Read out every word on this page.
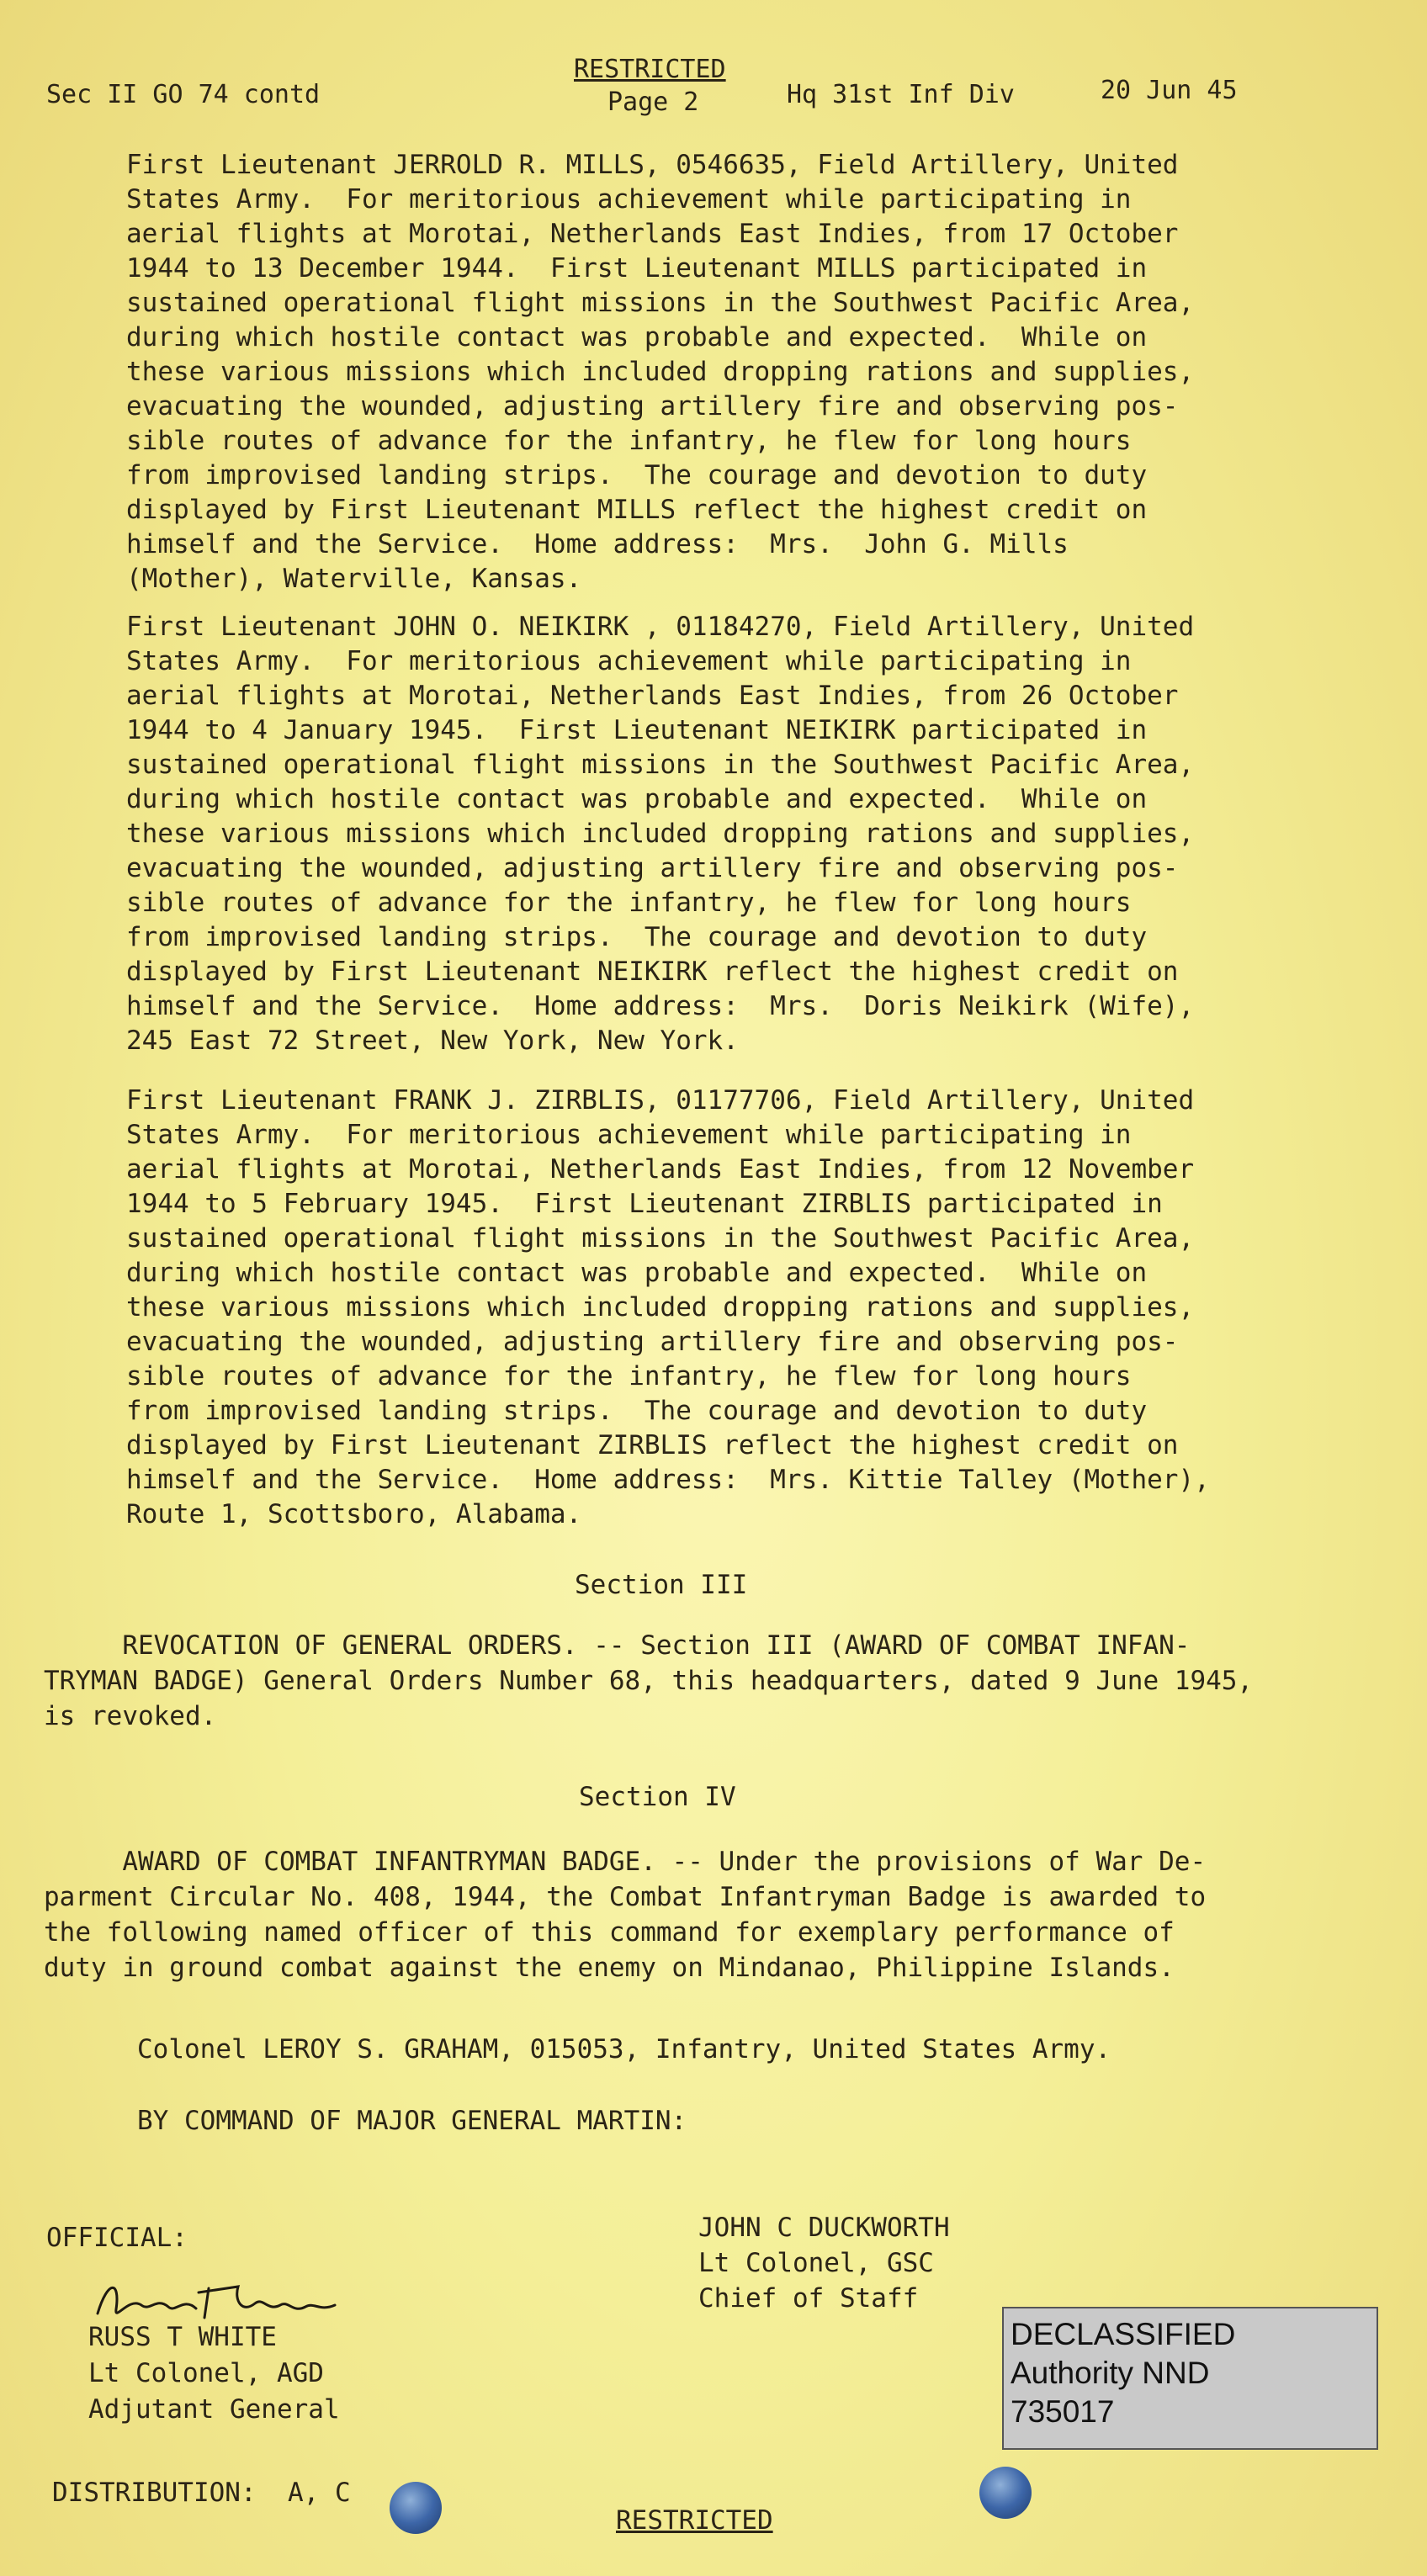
Sec II GO 74 contd
RESTRICTED
Page 2	Hq 31st Inf Div	20 Jun 45
First Lieutenant JERROLD R. MILLS, 0546635, Field Artillery, United
States Army.  For meritorious achievement while participating in
aerial flights at Morotai, Netherlands East Indies, from 17 October
1944 to 13 December 1944.  First Lieutenant MILLS participated in
sustained operational flight missions in the Southwest Pacific Area,
during which hostile contact was probable and expected.  While on
these various missions which included dropping rations and supplies,
evacuating the wounded, adjusting artillery fire and observing pos-
sible routes of advance for the infantry, he flew for long hours
from improvised landing strips.  The courage and devotion to duty
displayed by First Lieutenant MILLS reflect the highest credit on
himself and the Service.  Home address:  Mrs.  John G. Mills
(Mother), Waterville, Kansas.
First Lieutenant JOHN O. NEIKIRK , 01184270, Field Artillery, United
States Army.  For meritorious achievement while participating in
aerial flights at Morotai, Netherlands East Indies, from 26 October
1944 to 4 January 1945.  First Lieutenant NEIKIRK participated in
sustained operational flight missions in the Southwest Pacific Area,
during which hostile contact was probable and expected.  While on
these various missions which included dropping rations and supplies,
evacuating the wounded, adjusting artillery fire and observing pos-
sible routes of advance for the infantry, he flew for long hours
from improvised landing strips.  The courage and devotion to duty
displayed by First Lieutenant NEIKIRK reflect the highest credit on
himself and the Service.  Home address:  Mrs.  Doris Neikirk (Wife),
245 East 72 Street, New York, New York.
First Lieutenant FRANK J. ZIRBLIS, 01177706, Field Artillery, United
States Army.  For meritorious achievement while participating in
aerial flights at Morotai, Netherlands East Indies, from 12 November
1944 to 5 February 1945.  First Lieutenant ZIRBLIS participated in
sustained operational flight missions in the Southwest Pacific Area,
during which hostile contact was probable and expected.  While on
these various missions which included dropping rations and supplies,
evacuating the wounded, adjusting artillery fire and observing pos-
sible routes of advance for the infantry, he flew for long hours
from improvised landing strips.  The courage and devotion to duty
displayed by First Lieutenant ZIRBLIS reflect the highest credit on
himself and the Service.  Home address:  Mrs. Kittie Talley (Mother),
Route 1, Scottsboro, Alabama.
Section III
REVOCATION OF GENERAL ORDERS. -- Section III (AWARD OF COMBAT INFAN-
TRYMAN BADGE) General Orders Number 68, this headquarters, dated 9 June 1945,
is revoked.
Section IV
AWARD OF COMBAT INFANTRYMAN BADGE. -- Under the provisions of War De-
parment Circular No. 408, 1944, the Combat Infantryman Badge is awarded to
the following named officer of this command for exemplary performance of
duty in ground combat against the enemy on Mindanao, Philippine Islands.
Colonel LEROY S. GRAHAM, 015053, Infantry, United States Army.
BY COMMAND OF MAJOR GENERAL MARTIN:
JOHN C DUCKWORTH
Lt Colonel, GSC
Chief of Staff
OFFICIAL:
RUSS T WHITE
Lt Colonel, AGD
Adjutant General
DECLASSIFIED
Authority NND
735017
DISTRIBUTION:  A, C
RESTRICTED
